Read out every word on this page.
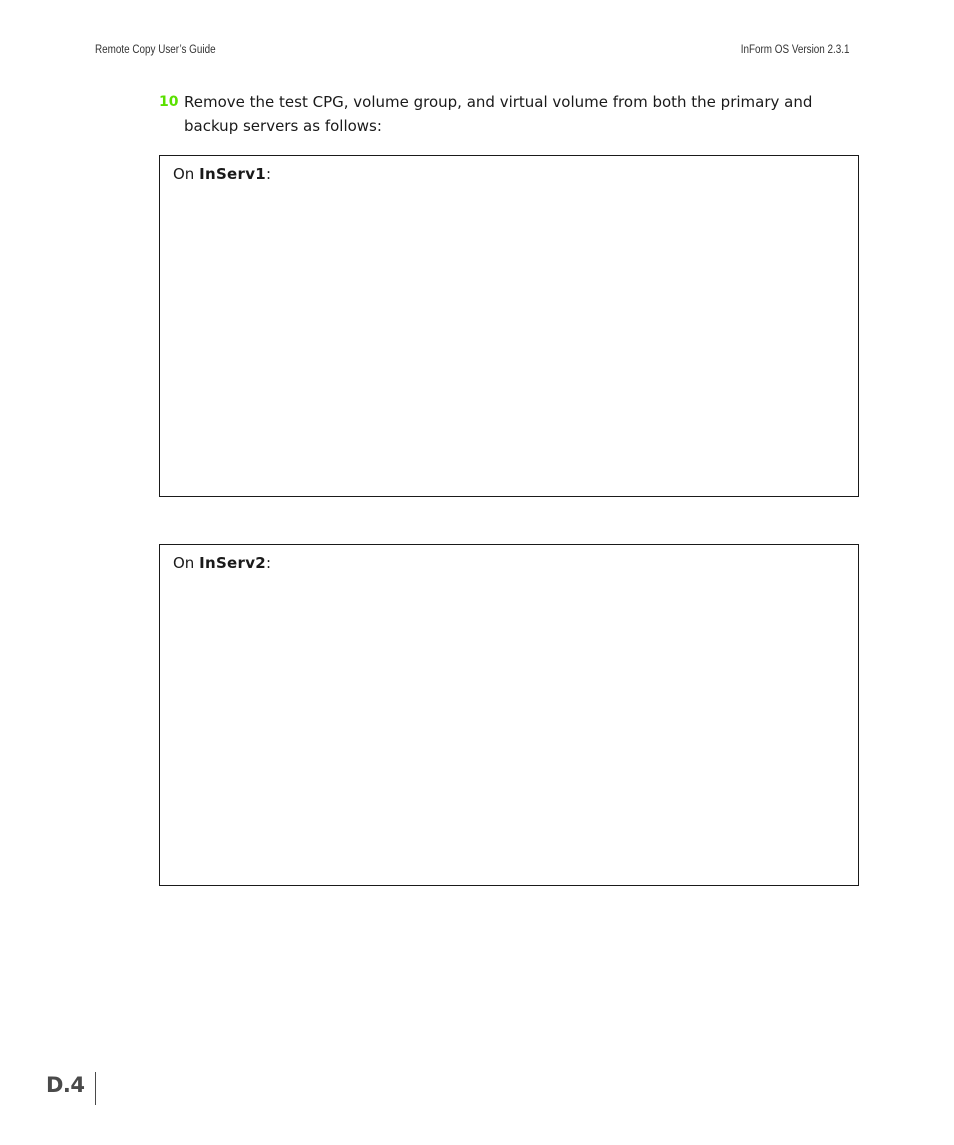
Remote Copy User’s Guide	InForm OS Version 2.3.1
10 Remove the test CPG, volume group, and virtual volume from both the primary and backup servers as follows:
On InServ1:
On InServ2:
D.4
